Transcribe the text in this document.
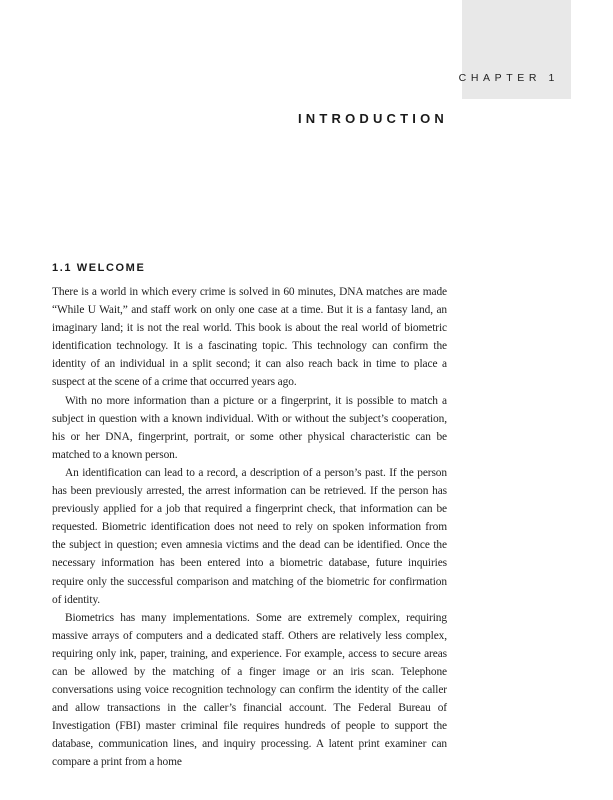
CHAPTER 1
INTRODUCTION
1.1 WELCOME

There is a world in which every crime is solved in 60 minutes, DNA matches are made “While U Wait,” and staff work on only one case at a time. But it is a fantasy land, an imaginary land; it is not the real world. This book is about the real world of biometric identification technology. It is a fascinating topic. This technology can confirm the identity of an individual in a split second; it can also reach back in time to place a suspect at the scene of a crime that occurred years ago.

With no more information than a picture or a fingerprint, it is possible to match a subject in question with a known individual. With or without the subject’s cooperation, his or her DNA, fingerprint, portrait, or some other physical characteristic can be matched to a known person.

An identification can lead to a record, a description of a person’s past. If the person has been previously arrested, the arrest information can be retrieved. If the person has previously applied for a job that required a fingerprint check, that information can be requested. Biometric identification does not need to rely on spoken information from the subject in question; even amnesia victims and the dead can be identified. Once the necessary information has been entered into a biometric database, future inquiries require only the successful comparison and matching of the biometric for confirmation of identity.

Biometrics has many implementations. Some are extremely complex, requiring massive arrays of computers and a dedicated staff. Others are relatively less complex, requiring only ink, paper, training, and experience. For example, access to secure areas can be allowed by the matching of a finger image or an iris scan. Telephone conversations using voice recognition technology can confirm the identity of the caller and allow transactions in the caller’s financial account. The Federal Bureau of Investigation (FBI) master criminal file requires hundreds of people to support the database, communication lines, and inquiry processing. A latent print examiner can compare a print from a home
